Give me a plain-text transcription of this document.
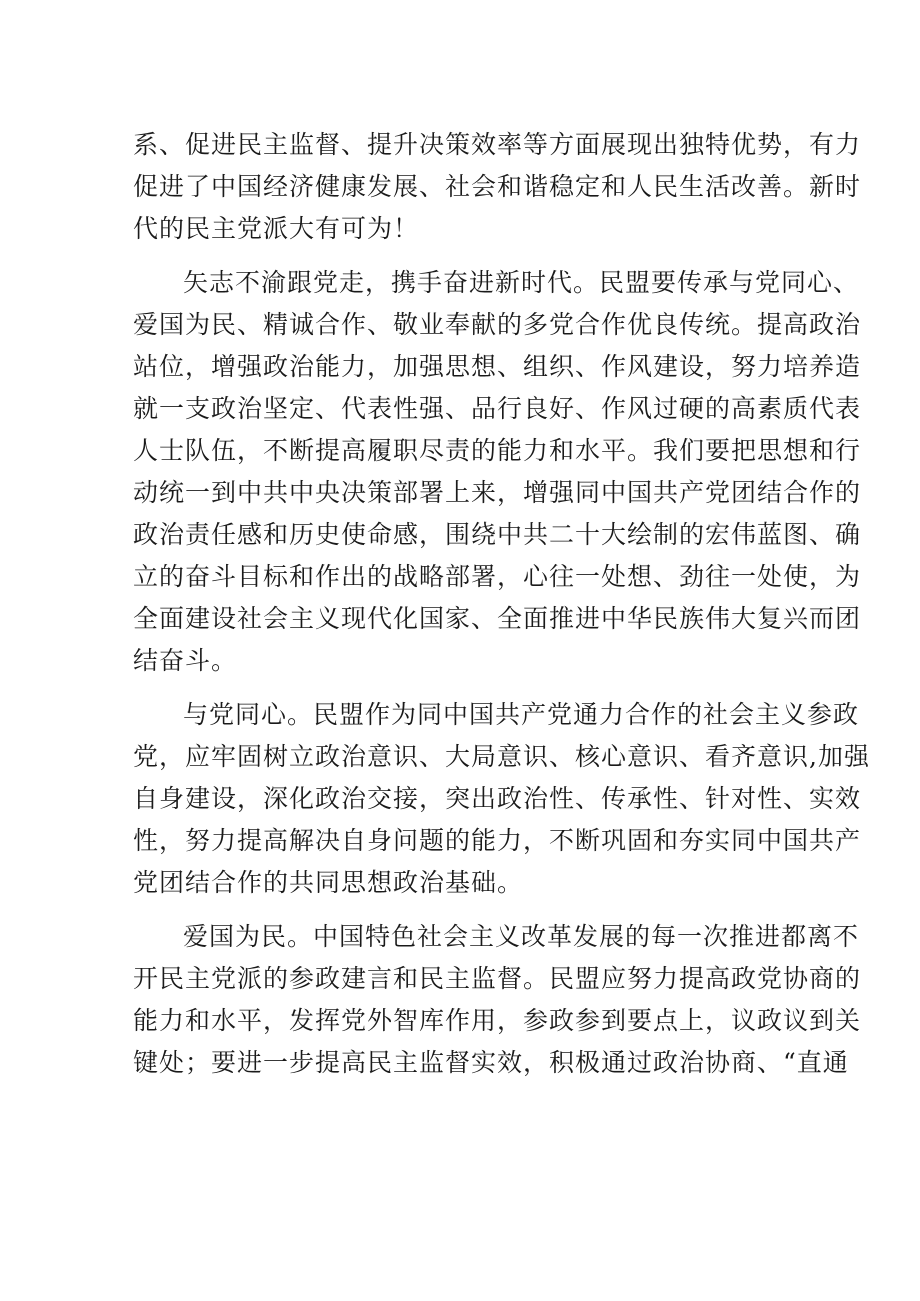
系、促进民主监督、提升决策效率等方面展现出独特优势，有力
促进了中国经济健康发展、社会和谐稳定和人民生活改善。新时
代的民主党派大有可为！
矢志不渝跟党走，携手奋进新时代。民盟要传承与党同心、
爱国为民、精诚合作、敬业奉献的多党合作优良传统。提高政治
站位，增强政治能力，加强思想、组织、作风建设，努力培养造
就一支政治坚定、代表性强、品行良好、作风过硬的高素质代表
人士队伍，不断提高履职尽责的能力和水平。我们要把思想和行
动统一到中共中央决策部署上来，增强同中国共产党团结合作的
政治责任感和历史使命感，围绕中共二十大绘制的宏伟蓝图、确
立的奋斗目标和作出的战略部署，心往一处想、劲往一处使，为
全面建设社会主义现代化国家、全面推进中华民族伟大复兴而团
结奋斗。
与党同心。民盟作为同中国共产党通力合作的社会主义参政
党，应牢固树立政治意识、大局意识、核心意识、看齐意识,加强
自身建设，深化政治交接，突出政治性、传承性、针对性、实效
性，努力提高解决自身问题的能力，不断巩固和夯实同中国共产
党团结合作的共同思想政治基础。
爱国为民。中国特色社会主义改革发展的每一次推进都离不
开民主党派的参政建言和民主监督。民盟应努力提高政党协商的
能力和水平，发挥党外智库作用，参政参到要点上，议政议到关
键处；要进一步提高民主监督实效，积极通过政治协商、“直通
